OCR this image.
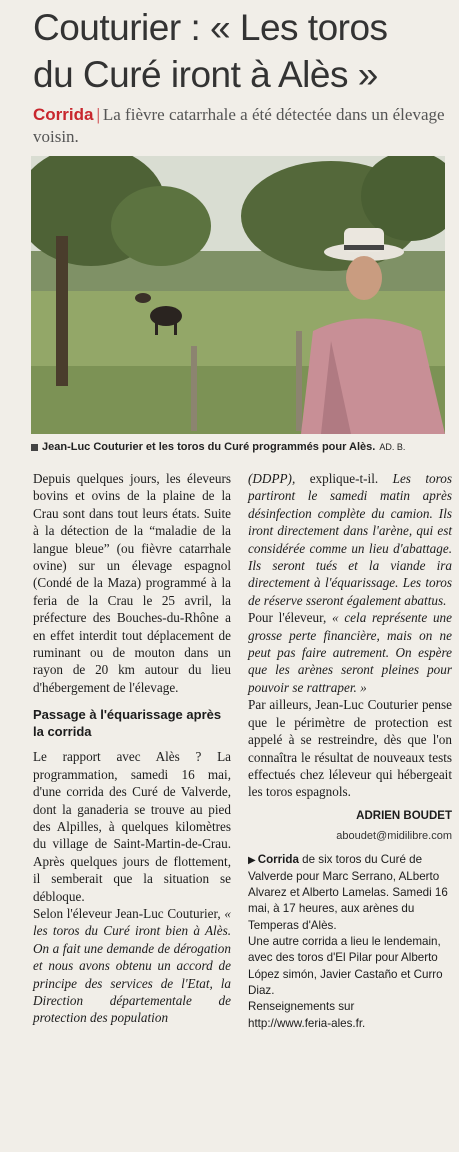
Couturier : « Les toros
du Curé iront à Alès »
Corrida | La fièvre catarrhale a été détectée dans un élevage voisin.
Jean-Luc Couturier et les toros du Curé programmés pour Alès. AD. B.

Depuis quelques jours, les éleveurs bovins et ovins de la plaine de la Crau sont dans tout leurs états. Suite à la détection de la “maladie de la langue bleue” (ou fièvre catarrhale ovine) sur un élevage espagnol (Condé de la Maza) programmé à la feria de la Crau le 25 avril, la préfecture des Bouches-du-Rhône a en effet interdit tout déplacement de ruminant ou de mouton dans un rayon de 20 km autour du lieu d'hébergement de l'élevage.

Passage à l'équarissage après la corrida

Le rapport avec Alès ? La programmation, samedi 16 mai, d'une corrida des Curé de Valverde, dont la ganaderia se trouve au pied des Alpilles, à quelques kilomètres du village de Saint-Martin-de-Crau. Après quelques jours de flottement, il semberait que la situation se débloque.

Selon l'éleveur Jean-Luc Couturier, « les toros du Curé iront bien à Alès. On a fait une demande de dérogation et nous avons obtenu un accord de principe des services de l'Etat, la Direction départementale de protection des population

(DDPP), explique-t-il. Les toros partiront le samedi matin après désinfection complète du camion. Ils iront directement dans l'arène, qui est considérée comme un lieu d'abattage. Ils seront tués et la viande ira directement à l'équarissage. Les toros de réserve sseront également abattus.

Pour l'éleveur, « cela représente une grosse perte financière, mais on ne peut pas faire autrement. On espère que les arènes seront pleines pour pouvoir se rattraper. »

Par ailleurs, Jean-Luc Couturier pense que le périmètre de protection est appelé à se restreindre, dès que l'on connaîtra le résultat de nouveaux tests effectués chez léleveur qui hébergeait les toros espagnols.

ADRIEN BOUDET
aboudet@midilibre.com
▶ Corrida de six toros du Curé de Valverde pour Marc Serrano, ALberto Alvarez et Alberto Lamelas. Samedi 16 mai, à 17 heures, aux arènes du Temperas d'Alès.
Une autre corrida a lieu le lendemain, avec des toros d'El Pilar pour Alberto López simón, Javier Castaño et Curro Diaz.
Renseignements sur
http://www.feria-ales.fr.
